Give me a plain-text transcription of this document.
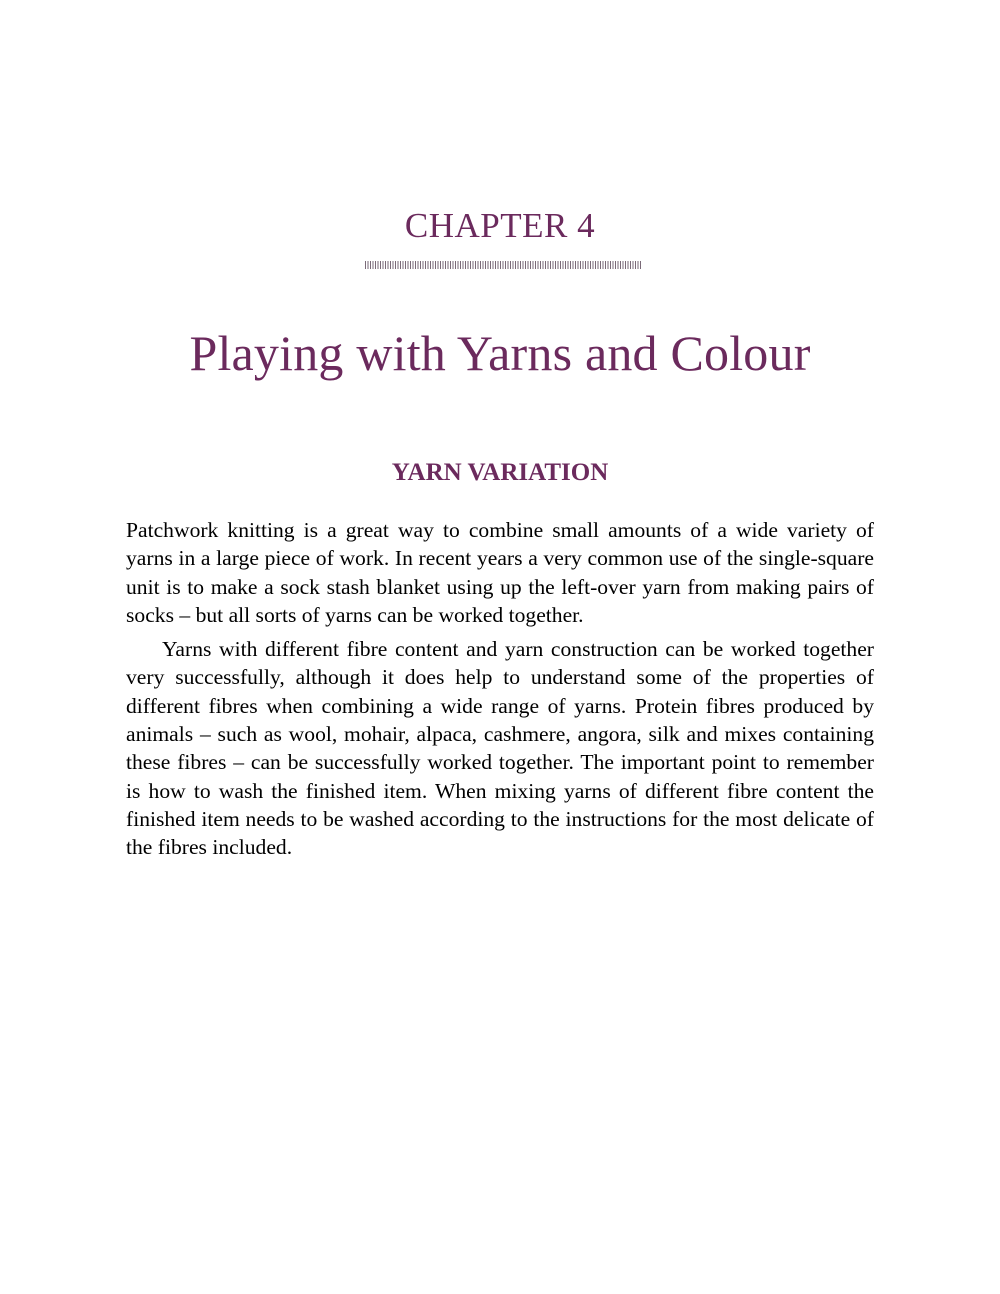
CHAPTER 4
Playing with Yarns and Colour
YARN VARIATION

Patchwork knitting is a great way to combine small amounts of a wide variety of yarns in a large piece of work. In recent years a very common use of the single-square unit is to make a sock stash blanket using up the left-over yarn from making pairs of socks – but all sorts of yarns can be worked together.

Yarns with different fibre content and yarn construction can be worked together very successfully, although it does help to understand some of the properties of different fibres when combining a wide range of yarns. Protein fibres produced by animals – such as wool, mohair, alpaca, cashmere, angora, silk and mixes containing these fibres – can be successfully worked together. The important point to remember is how to wash the finished item. When mixing yarns of different fibre content the finished item needs to be washed according to the instructions for the most delicate of the fibres included.
